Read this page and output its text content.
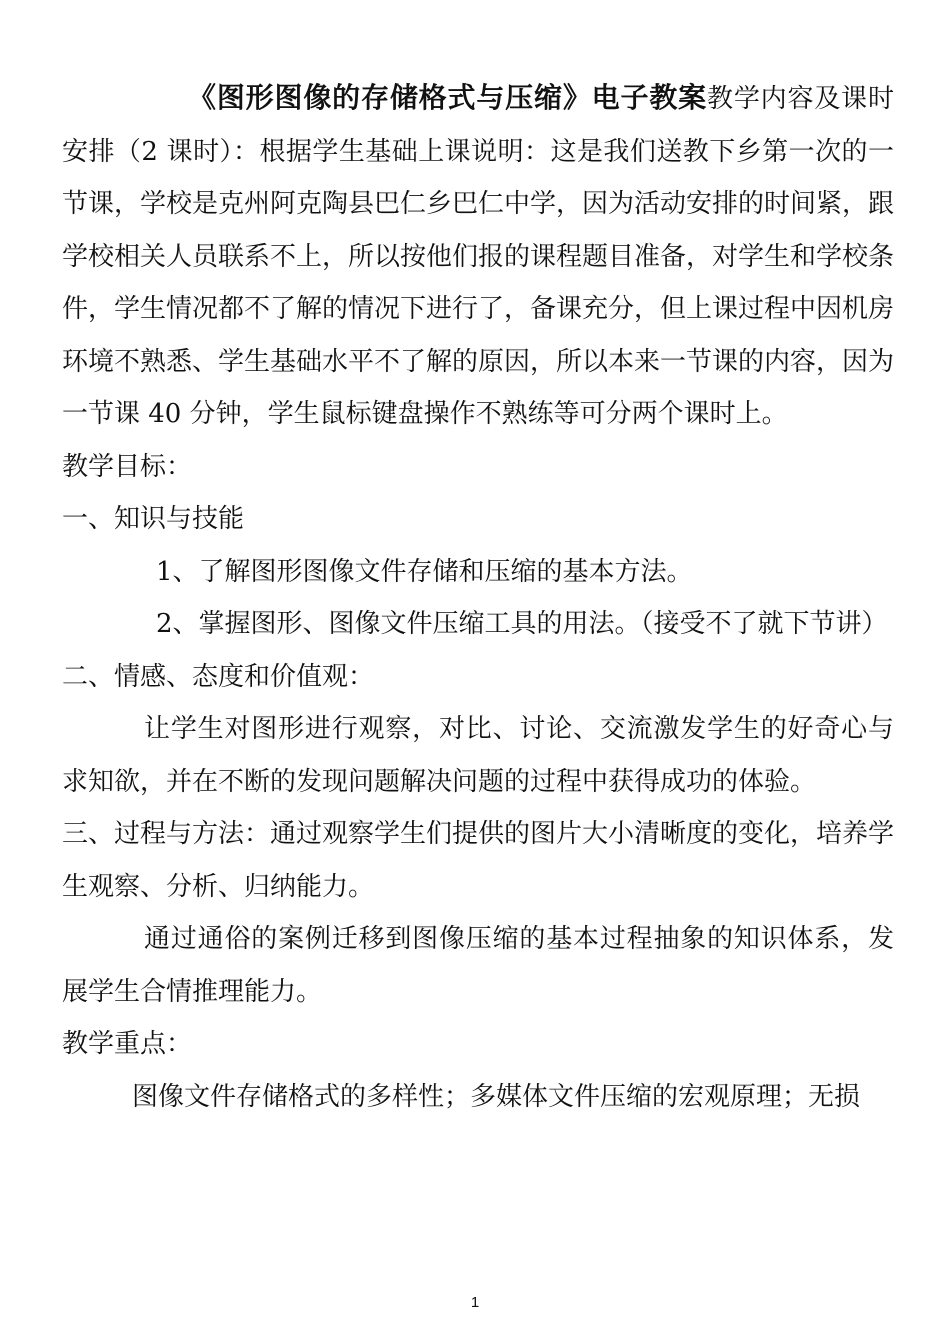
《图形图像的存储格式与压缩》电子教案教学内容及课时安排（2 课时）：根据学生基础上课说明：这是我们送教下乡第一次的一节课，学校是克州阿克陶县巴仁乡巴仁中学，因为活动安排的时间紧，跟学校相关人员联系不上，所以按他们报的课程题目准备，对学生和学校条件，学生情况都不了解的情况下进行了，备课充分，但上课过程中因机房环境不熟悉、学生基础水平不了解的原因，所以本来一节课的内容，因为一节课 40 分钟，学生鼠标键盘操作不熟练等可分两个课时上。

教学目标：

一、知识与技能

1、了解图形图像文件存储和压缩的基本方法。

2、掌握图形、图像文件压缩工具的用法。（接受不了就下节讲）

二、情感、态度和价值观：

让学生对图形进行观察，对比、讨论、交流激发学生的好奇心与求知欲，并在不断的发现问题解决问题的过程中获得成功的体验。

三、过程与方法：通过观察学生们提供的图片大小清晰度的变化，培养学生观察、分析、归纳能力。

通过通俗的案例迁移到图像压缩的基本过程抽象的知识体系，发展学生合情推理能力。

教学重点：

图像文件存储格式的多样性；多媒体文件压缩的宏观原理；无损

1
